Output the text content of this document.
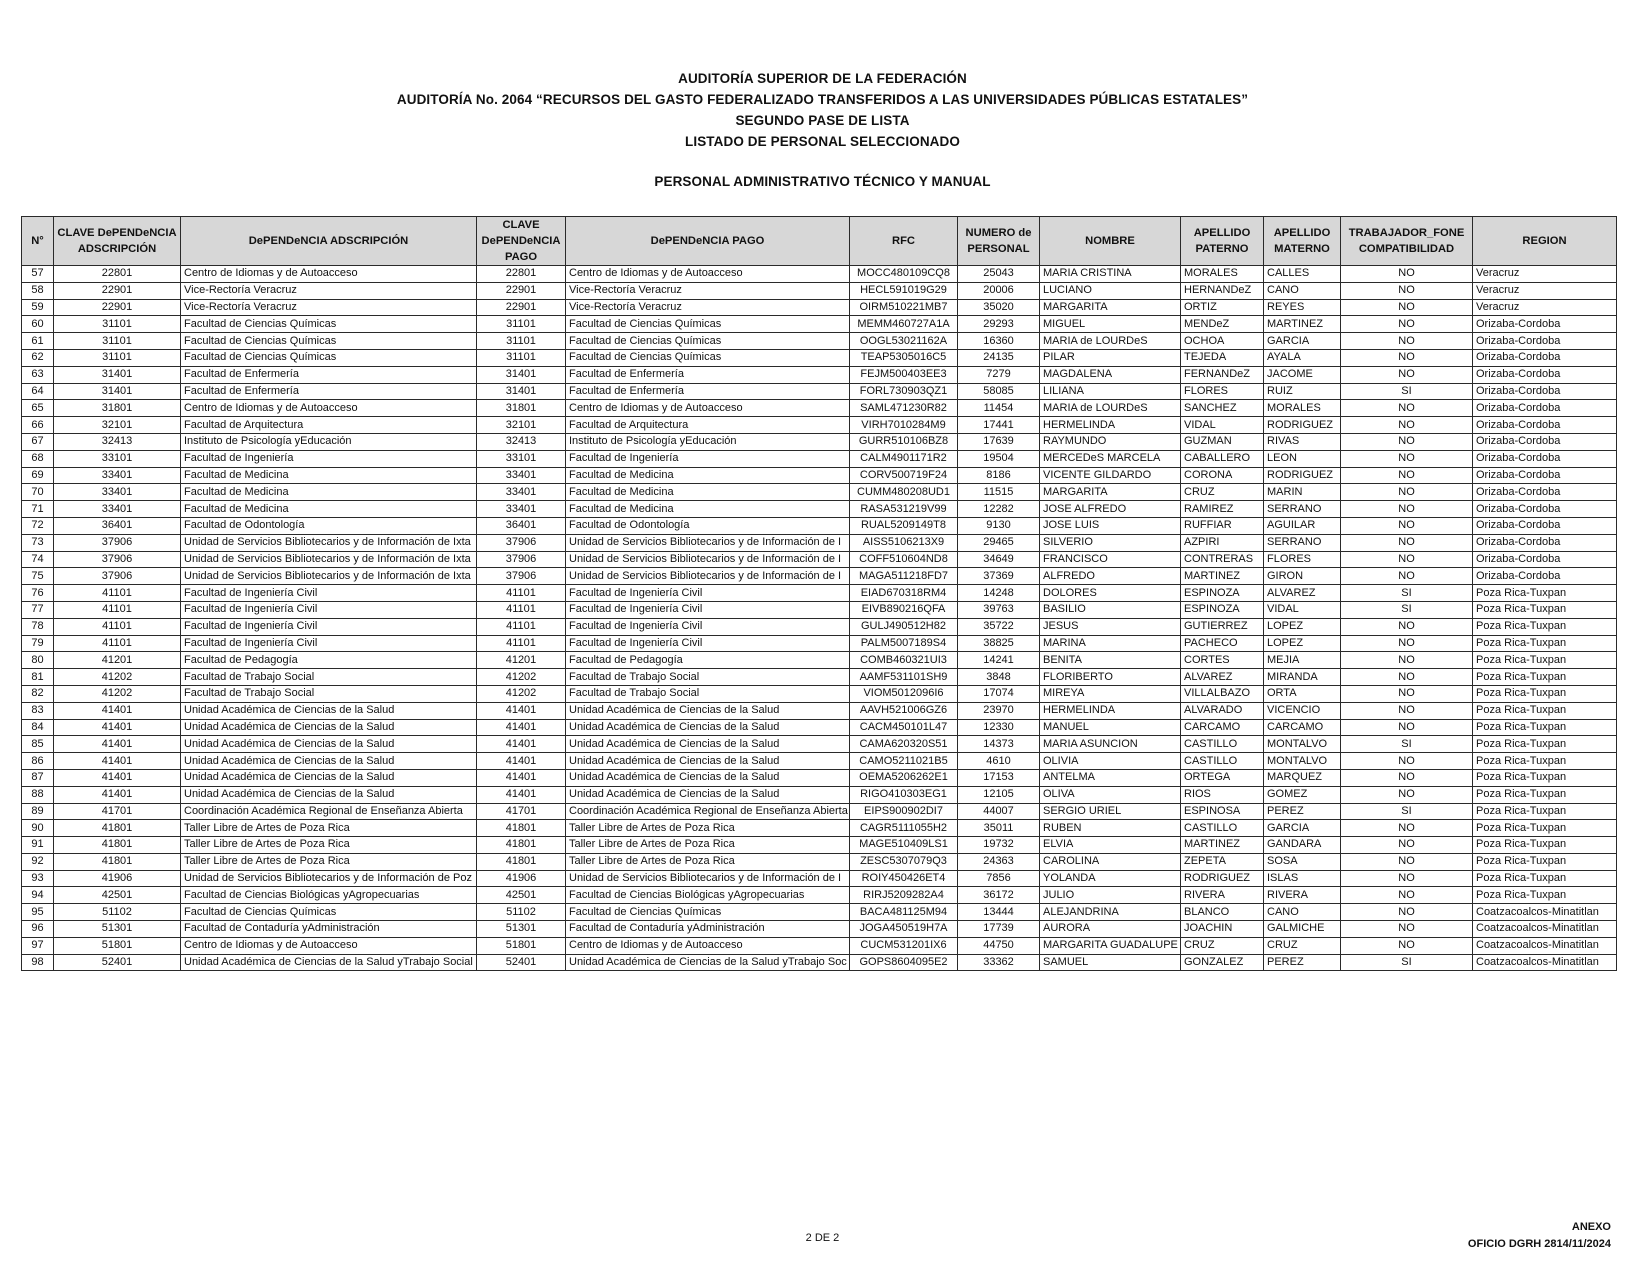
AUDITORÍA SUPERIOR DE LA FEDERACIÓN
AUDITORÍA No. 2064 “RECURSOS DEL GASTO FEDERALIZADO TRANSFERIDOS A LAS UNIVERSIDADES PÚBLICAS ESTATALES”
SEGUNDO PASE DE LISTA
LISTADO DE PERSONAL SELECCIONADO
PERSONAL ADMINISTRATIVO TÉCNICO Y MANUAL
N°	CLAVE DePENDeNCIA ADSCRIPCIÓN	DePENDeNCIA ADSCRIPCIÓN	CLAVE DePENDeNCIA PAGO	DePENDeNCIA PAGO	RFC	NUMERO de PERSONAL	NOMBRE	APELLIDO PATERNO	APELLIDO MATERNO	TRABAJADOR_FONE COMPATIBILIDAD	REGION
57	22801	Centro de Idiomas y de Autoacceso	22801	Centro de Idiomas y de Autoacceso	MOCC480109CQ8	25043	MARIA CRISTINA	MORALES	CALLES	NO	Veracruz
58	22901	Vice-Rectoría Veracruz	22901	Vice-Rectoría Veracruz	HECL591019G29	20006	LUCIANO	HERNANDeZ	CANO	NO	Veracruz
59	22901	Vice-Rectoría Veracruz	22901	Vice-Rectoría Veracruz	OIRM510221MB7	35020	MARGARITA	ORTIZ	REYES	NO	Veracruz
60	31101	Facultad de Ciencias Químicas	31101	Facultad de Ciencias Químicas	MEMM460727A1A	29293	MIGUEL	MENDeZ	MARTINEZ	NO	Orizaba-Cordoba
61	31101	Facultad de Ciencias Químicas	31101	Facultad de Ciencias Químicas	OOGL53021162A	16360	MARIA de LOURDeS	OCHOA	GARCIA	NO	Orizaba-Cordoba
62	31101	Facultad de Ciencias Químicas	31101	Facultad de Ciencias Químicas	TEAP5305016C5	24135	PILAR	TEJEDA	AYALA	NO	Orizaba-Cordoba
63	31401	Facultad de Enfermería	31401	Facultad de Enfermería	FEJM500403EE3	7279	MAGDALENA	FERNANDeZ	JACOME	NO	Orizaba-Cordoba
64	31401	Facultad de Enfermería	31401	Facultad de Enfermería	FORL730903QZ1	58085	LILIANA	FLORES	RUIZ	SI	Orizaba-Cordoba
65	31801	Centro de Idiomas y de Autoacceso	31801	Centro de Idiomas y de Autoacceso	SAML471230R82	11454	MARIA de LOURDeS	SANCHEZ	MORALES	NO	Orizaba-Cordoba
66	32101	Facultad de Arquitectura	32101	Facultad de Arquitectura	VIRH7010284M9	17441	HERMELINDA	VIDAL	RODRIGUEZ	NO	Orizaba-Cordoba
67	32413	Instituto de Psicología yEducación	32413	Instituto de Psicología yEducación	GURR510106BZ8	17639	RAYMUNDO	GUZMAN	RIVAS	NO	Orizaba-Cordoba
68	33101	Facultad de Ingeniería	33101	Facultad de Ingeniería	CALM4901171R2	19504	MERCEDeS MARCELA	CABALLERO	LEON	NO	Orizaba-Cordoba
69	33401	Facultad de Medicina	33401	Facultad de Medicina	CORV500719F24	8186	VICENTE GILDARDO	CORONA	RODRIGUEZ	NO	Orizaba-Cordoba
70	33401	Facultad de Medicina	33401	Facultad de Medicina	CUMM480208UD1	11515	MARGARITA	CRUZ	MARIN	NO	Orizaba-Cordoba
71	33401	Facultad de Medicina	33401	Facultad de Medicina	RASA531219V99	12282	JOSE ALFREDO	RAMIREZ	SERRANO	NO	Orizaba-Cordoba
72	36401	Facultad de Odontología	36401	Facultad de Odontología	RUAL5209149T8	9130	JOSE LUIS	RUFFIAR	AGUILAR	NO	Orizaba-Cordoba
73	37906	Unidad de Servicios Bibliotecarios y de Información de Ixta	37906	Unidad de Servicios Bibliotecarios y de Información de I	AISS5106213X9	29465	SILVERIO	AZPIRI	SERRANO	NO	Orizaba-Cordoba
74	37906	Unidad de Servicios Bibliotecarios y de Información de Ixta	37906	Unidad de Servicios Bibliotecarios y de Información de I	COFF510604ND8	34649	FRANCISCO	CONTRERAS	FLORES	NO	Orizaba-Cordoba
75	37906	Unidad de Servicios Bibliotecarios y de Información de Ixta	37906	Unidad de Servicios Bibliotecarios y de Información de I	MAGA511218FD7	37369	ALFREDO	MARTINEZ	GIRON	NO	Orizaba-Cordoba
76	41101	Facultad de Ingeniería Civil	41101	Facultad de Ingeniería Civil	EIAD670318RM4	14248	DOLORES	ESPINOZA	ALVAREZ	SI	Poza Rica-Tuxpan
77	41101	Facultad de Ingeniería Civil	41101	Facultad de Ingeniería Civil	EIVB890216QFA	39763	BASILIO	ESPINOZA	VIDAL	SI	Poza Rica-Tuxpan
78	41101	Facultad de Ingeniería Civil	41101	Facultad de Ingeniería Civil	GULJ490512H82	35722	JESUS	GUTIERREZ	LOPEZ	NO	Poza Rica-Tuxpan
79	41101	Facultad de Ingeniería Civil	41101	Facultad de Ingeniería Civil	PALM5007189S4	38825	MARINA	PACHECO	LOPEZ	NO	Poza Rica-Tuxpan
80	41201	Facultad de Pedagogía	41201	Facultad de Pedagogía	COMB460321UI3	14241	BENITA	CORTES	MEJIA	NO	Poza Rica-Tuxpan
81	41202	Facultad de Trabajo Social	41202	Facultad de Trabajo Social	AAMF531101SH9	3848	FLORIBERTO	ALVAREZ	MIRANDA	NO	Poza Rica-Tuxpan
82	41202	Facultad de Trabajo Social	41202	Facultad de Trabajo Social	VIOM5012096I6	17074	MIREYA	VILLALBAZO	ORTA	NO	Poza Rica-Tuxpan
83	41401	Unidad Académica de Ciencias de la Salud	41401	Unidad Académica de Ciencias de la Salud	AAVH521006GZ6	23970	HERMELINDA	ALVARADO	VICENCIO	NO	Poza Rica-Tuxpan
84	41401	Unidad Académica de Ciencias de la Salud	41401	Unidad Académica de Ciencias de la Salud	CACM450101L47	12330	MANUEL	CARCAMO	CARCAMO	NO	Poza Rica-Tuxpan
85	41401	Unidad Académica de Ciencias de la Salud	41401	Unidad Académica de Ciencias de la Salud	CAMA620320S51	14373	MARIA ASUNCION	CASTILLO	MONTALVO	SI	Poza Rica-Tuxpan
86	41401	Unidad Académica de Ciencias de la Salud	41401	Unidad Académica de Ciencias de la Salud	CAMO5211021B5	4610	OLIVIA	CASTILLO	MONTALVO	NO	Poza Rica-Tuxpan
87	41401	Unidad Académica de Ciencias de la Salud	41401	Unidad Académica de Ciencias de la Salud	OEMA5206262E1	17153	ANTELMA	ORTEGA	MARQUEZ	NO	Poza Rica-Tuxpan
88	41401	Unidad Académica de Ciencias de la Salud	41401	Unidad Académica de Ciencias de la Salud	RIGO410303EG1	12105	OLIVA	RIOS	GOMEZ	NO	Poza Rica-Tuxpan
89	41701	Coordinación Académica Regional de Enseñanza Abierta	41701	Coordinación Académica Regional de Enseñanza Abierta	EIPS900902DI7	44007	SERGIO URIEL	ESPINOSA	PEREZ	SI	Poza Rica-Tuxpan
90	41801	Taller Libre de Artes de Poza Rica	41801	Taller Libre de Artes de Poza Rica	CAGR5111055H2	35011	RUBEN	CASTILLO	GARCIA	NO	Poza Rica-Tuxpan
91	41801	Taller Libre de Artes de Poza Rica	41801	Taller Libre de Artes de Poza Rica	MAGE510409LS1	19732	ELVIA	MARTINEZ	GANDARA	NO	Poza Rica-Tuxpan
92	41801	Taller Libre de Artes de Poza Rica	41801	Taller Libre de Artes de Poza Rica	ZESC5307079Q3	24363	CAROLINA	ZEPETA	SOSA	NO	Poza Rica-Tuxpan
93	41906	Unidad de Servicios Bibliotecarios y de Información de Poz	41906	Unidad de Servicios Bibliotecarios y de Información de I	ROIY450426ET4	7856	YOLANDA	RODRIGUEZ	ISLAS	NO	Poza Rica-Tuxpan
94	42501	Facultad de Ciencias Biológicas yAgropecuarias	42501	Facultad de Ciencias Biológicas yAgropecuarias	RIRJ5209282A4	36172	JULIO	RIVERA	RIVERA	NO	Poza Rica-Tuxpan
95	51102	Facultad de Ciencias Químicas	51102	Facultad de Ciencias Químicas	BACA481125M94	13444	ALEJANDRINA	BLANCO	CANO	NO	Coatzacoalcos-Minatitlan
96	51301	Facultad de Contaduría yAdministración	51301	Facultad de Contaduría yAdministración	JOGA450519H7A	17739	AURORA	JOACHIN	GALMICHE	NO	Coatzacoalcos-Minatitlan
97	51801	Centro de Idiomas y de Autoacceso	51801	Centro de Idiomas y de Autoacceso	CUCM531201IX6	44750	MARGARITA GUADALUPE	CRUZ	CRUZ	NO	Coatzacoalcos-Minatitlan
98	52401	Unidad Académica de Ciencias de la Salud yTrabajo Social	52401	Unidad Académica de Ciencias de la Salud yTrabajo Soc	GOPS8604095E2	33362	SAMUEL	GONZALEZ	PEREZ	SI	Coatzacoalcos-Minatitlan
2 DE 2
ANEXO
OFICIO DGRH 2814/11/2024
